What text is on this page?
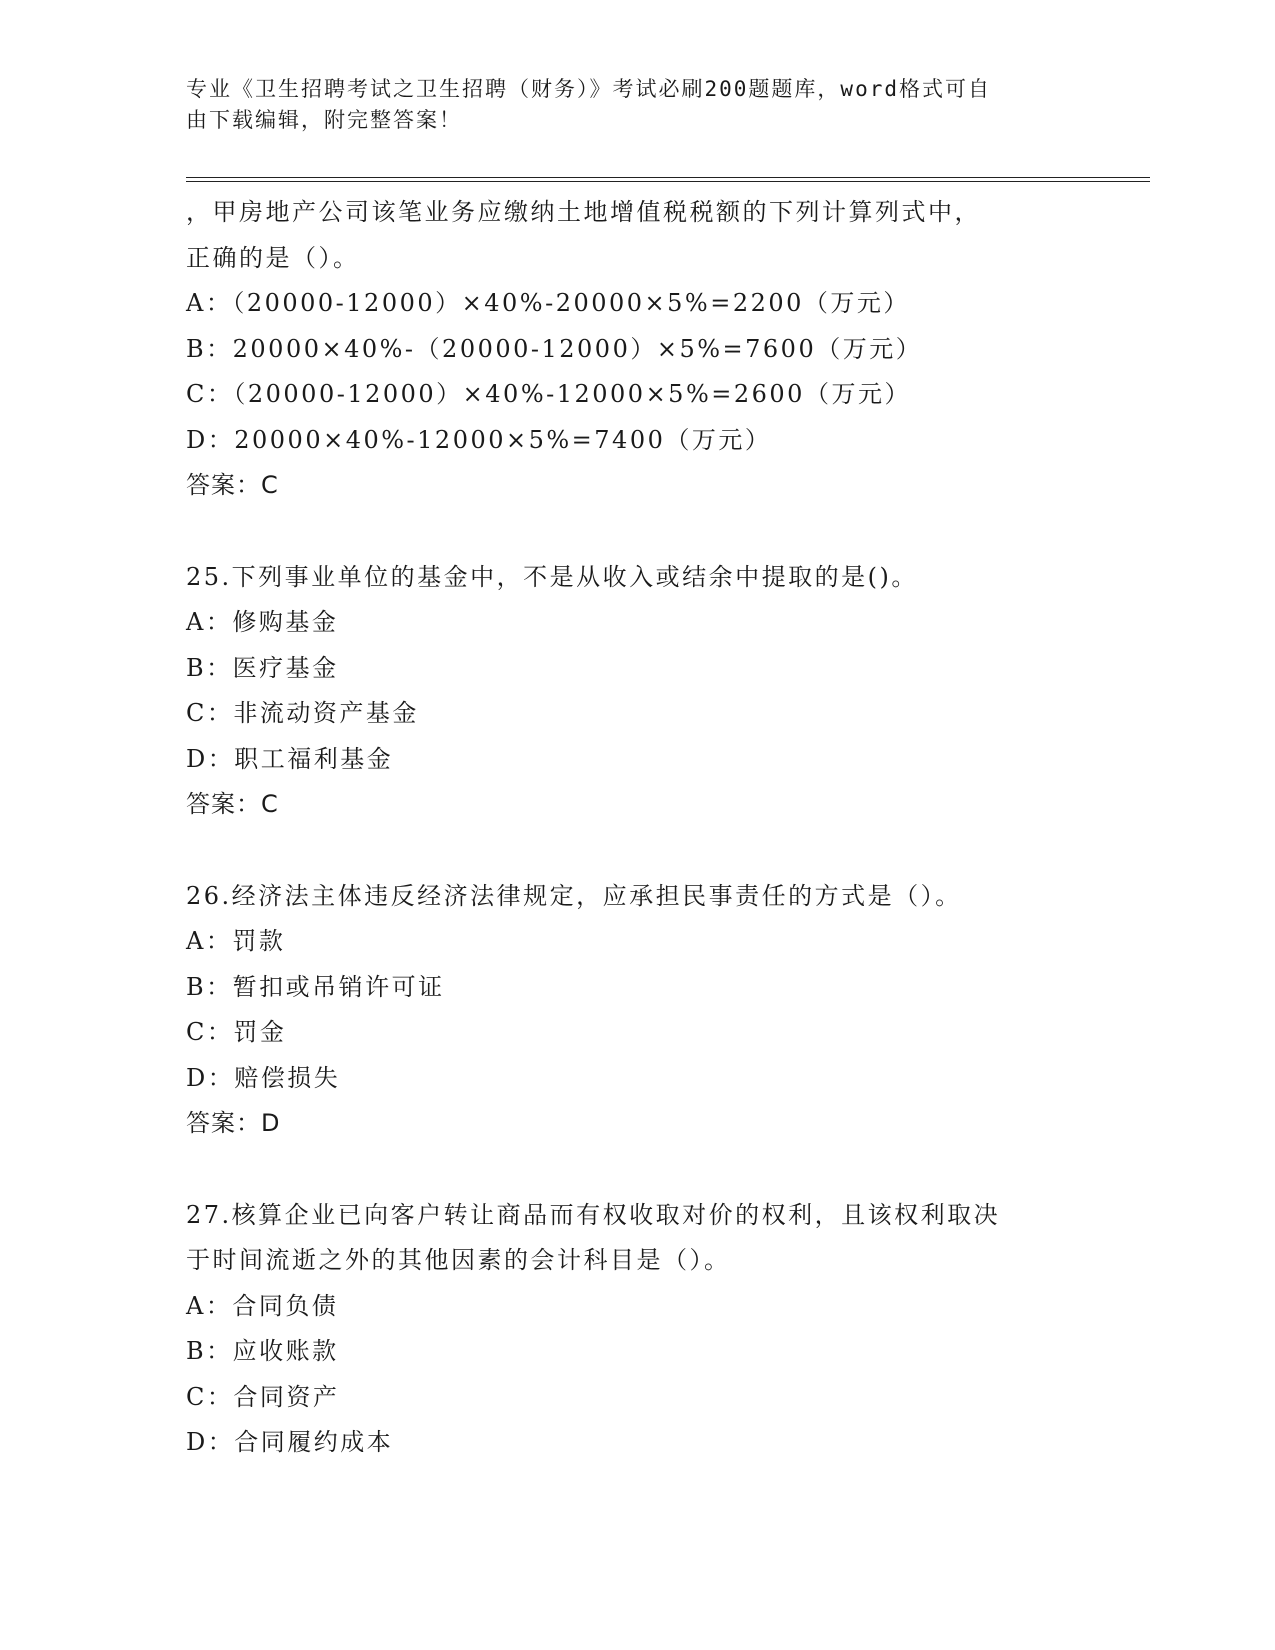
专业《卫生招聘考试之卫生招聘（财务）》考试必刷200题题库，word格式可自
由下载编辑，附完整答案！
，甲房地产公司该笔业务应缴纳土地增值税税额的下列计算列式中，
正确的是（）。
A：（20000-12000）×40%-20000×5%=2200（万元）
B：20000×40%-（20000-12000）×5%=7600（万元）
C：（20000-12000）×40%-12000×5%=2600（万元）
D：20000×40%-12000×5%=7400（万元）
答案：C
25.下列事业单位的基金中，不是从收入或结余中提取的是()。
A：修购基金
B：医疗基金
C：非流动资产基金
D：职工福利基金
答案：C
26.经济法主体违反经济法律规定，应承担民事责任的方式是（）。
A：罚款
B：暂扣或吊销许可证
C：罚金
D：赔偿损失
答案：D
27.核算企业已向客户转让商品而有权收取对价的权利，且该权利取决
于时间流逝之外的其他因素的会计科目是（）。
A：合同负债
B：应收账款
C：合同资产
D：合同履约成本
